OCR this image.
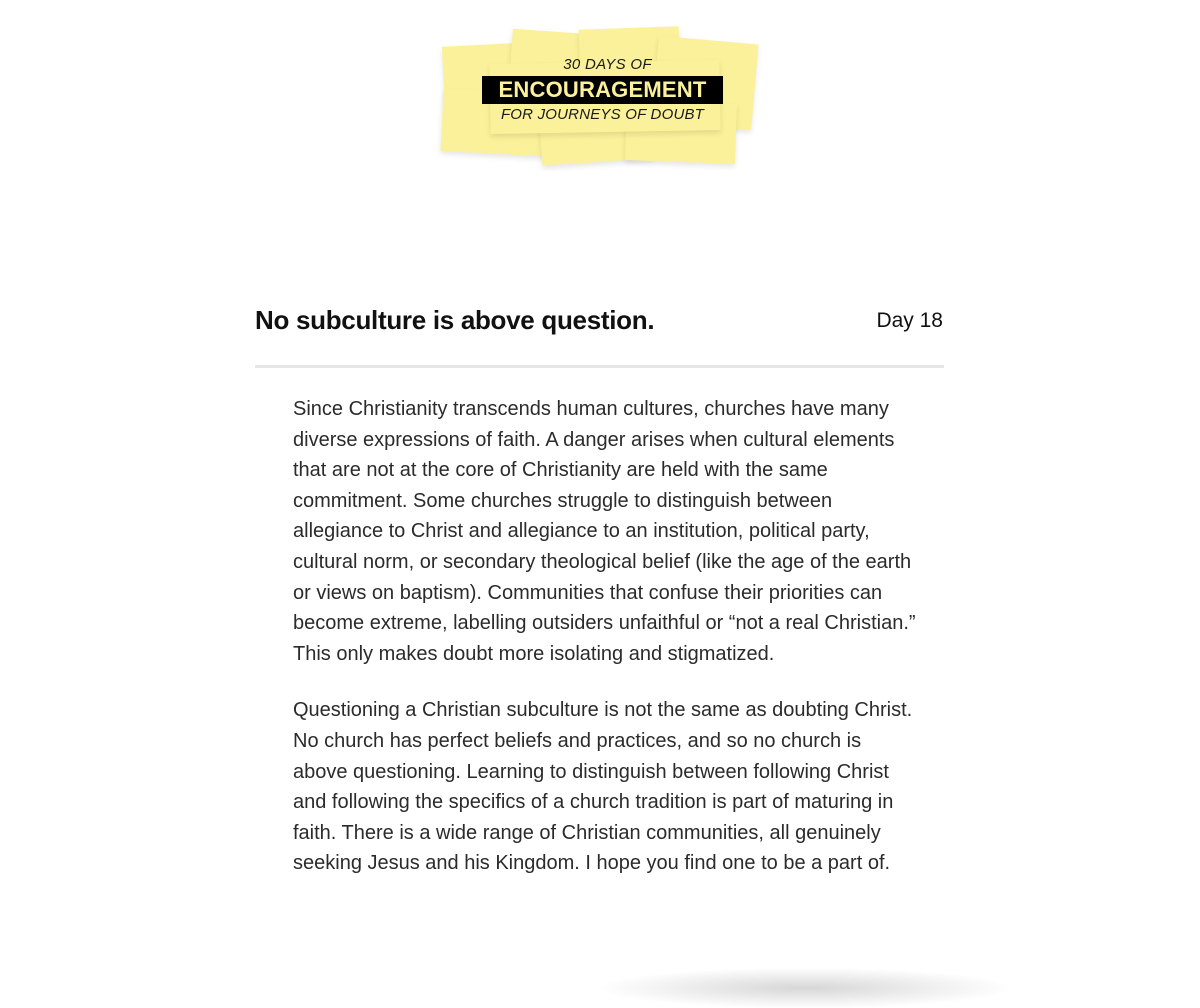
30 DAYS OF
ENCOURAGEMENT
FOR JOURNEYS OF DOUBT
No subculture is above question.	Day 18

Since Christianity transcends human cultures, churches have many diverse expressions of faith. A danger arises when cultural elements that are not at the core of Christianity are held with the same commitment. Some churches struggle to distinguish between allegiance to Christ and allegiance to an institution, political party, cultural norm, or secondary theological belief (like the age of the earth or views on baptism). Communities that confuse their priorities can become extreme, labelling outsiders unfaithful or “not a real Christian.” This only makes doubt more isolating and stigmatized.

Questioning a Christian subculture is not the same as doubting Christ. No church has perfect beliefs and practices, and so no church is above questioning. Learning to distinguish between following Christ and following the specifics of a church tradition is part of maturing in faith. There is a wide range of Christian communities, all genuinely seeking Jesus and his Kingdom. I hope you find one to be a part of.
